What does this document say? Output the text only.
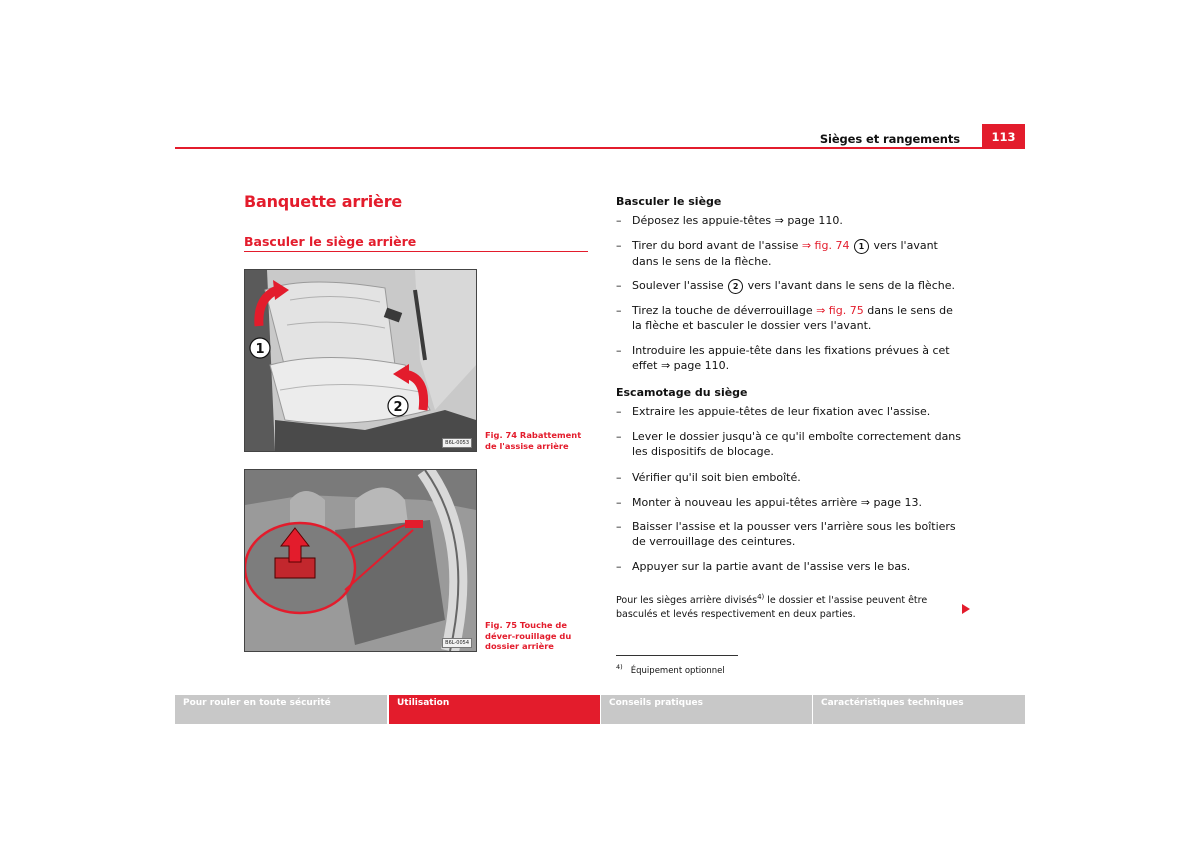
Sièges et rangements	113
Banquette arrière
Basculer le siège arrière
1
2
B6L-0053
Fig. 74 Rabattement de l'assise arrière
B6L-0054
Fig. 75 Touche de déver-rouillage du dossier arrière
Basculer le siège
– Déposez les appuie-têtes ⇒ page 110.
– Tirer du bord avant de l'assise ⇒ fig. 74 1 vers l'avant dans le sens de la flèche.
– Soulever l'assise 2 vers l'avant dans le sens de la flèche.
– Tirez la touche de déverrouillage ⇒ fig. 75 dans le sens de la flèche et basculer le dossier vers l'avant.
– Introduire les appuie-tête dans les fixations prévues à cet effet ⇒ page 110.
Escamotage du siège
– Extraire les appuie-têtes de leur fixation avec l'assise.
– Lever le dossier jusqu'à ce qu'il emboîte correctement dans les dispositifs de blocage.
– Vérifier qu'il soit bien emboîté.
– Monter à nouveau les appui-têtes arrière ⇒ page 13.
– Baisser l'assise et la pousser vers l'arrière sous les boîtiers de verrouillage des ceintures.
– Appuyer sur la partie avant de l'assise vers le bas.
Pour les sièges arrière divisés$^{4)}$ le dossier et l'assise peuvent être basculés et levés respectivement en deux parties.
$^{4)}$ Équipement optionnel
Pour rouler en toute sécurité	Utilisation	Conseils pratiques	Caractéristiques techniques
